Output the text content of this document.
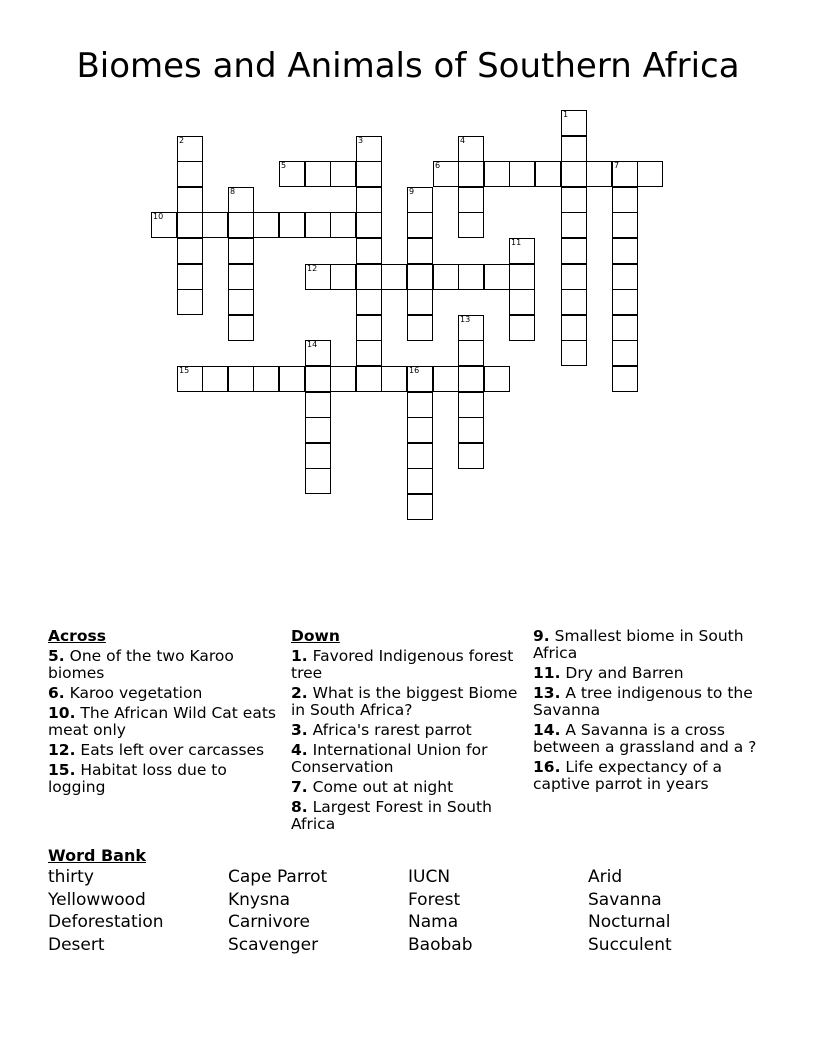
Biomes and Animals of Southern Africa
1
2	3	4
5	6	7
8	9
10
11
12
13
14
15	16
Across
5. One of the two Karoo biomes
6. Karoo vegetation
10. The African Wild Cat eats meat only
12. Eats left over carcasses
15. Habitat loss due to logging
Down
1. Favored Indigenous forest tree
2. What is the biggest Biome in South Africa?
3. Africa's rarest parrot
4. International Union for Conservation
7. Come out at night
8. Largest Forest in South Africa
9. Smallest biome in South Africa
11. Dry and Barren
13. A tree indigenous to the Savanna
14. A Savanna is a cross between a grassland and a ?
16. Life expectancy of a captive parrot in years
Word Bank
thirty
Yellowwood
Deforestation
Desert
Cape Parrot
Knysna
Carnivore
Scavenger
IUCN
Forest
Nama
Baobab
Arid
Savanna
Nocturnal
Succulent
